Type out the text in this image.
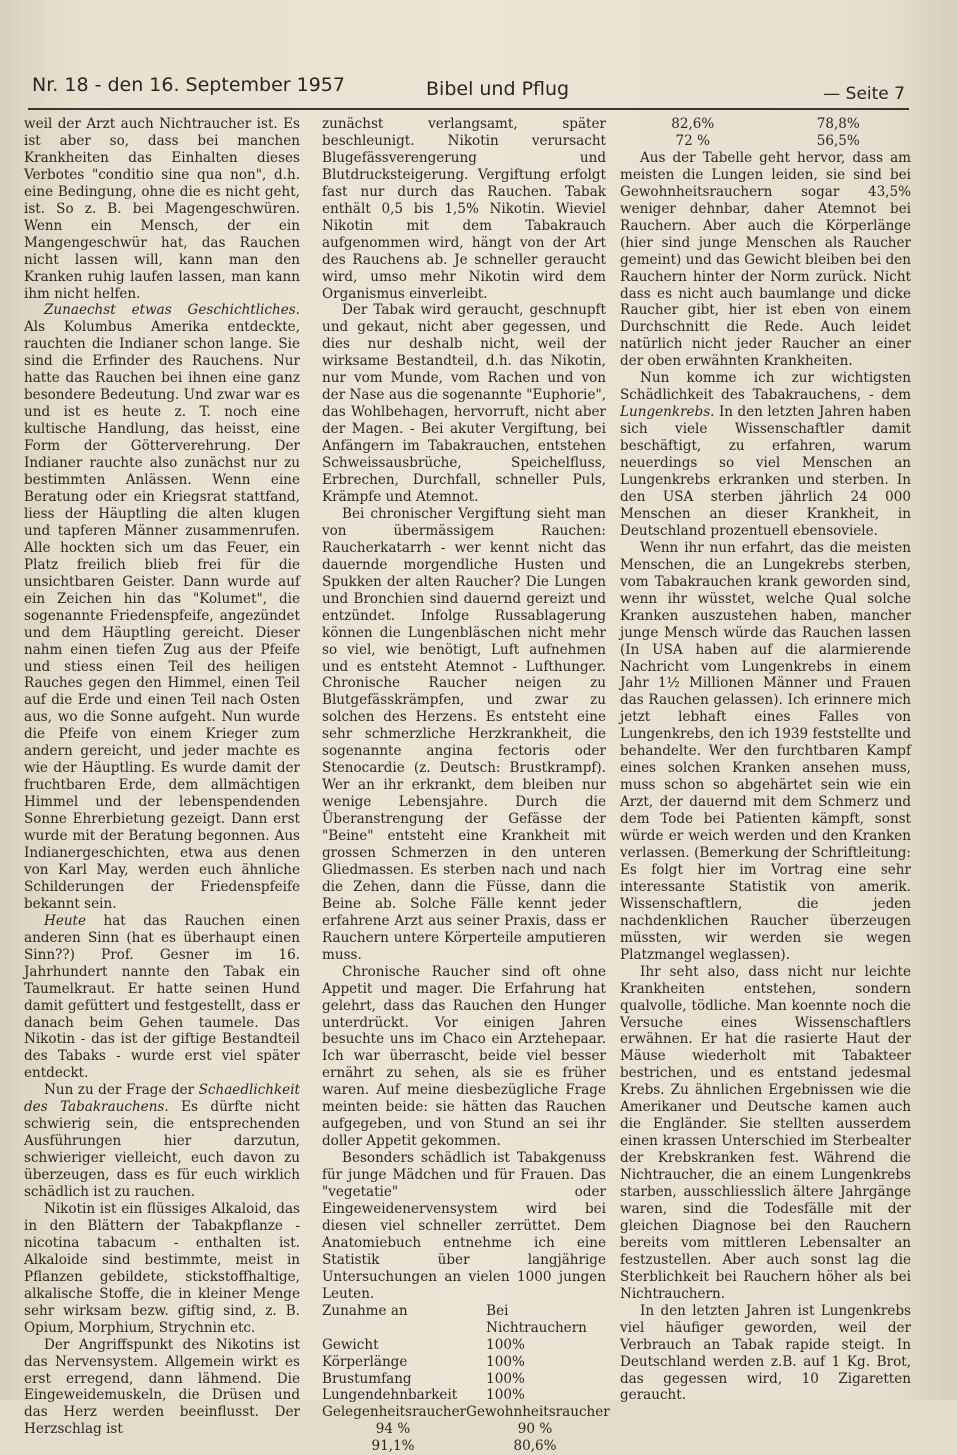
Nr. 18 - den 16. September 1957	Bibel und Pflug	— Seite 7

weil der Arzt auch Nichtraucher ist. Es ist aber so, dass bei manchen Krankheiten das Einhalten dieses Verbotes "conditio sine qua non", d.h. eine Bedingung, ohne die es nicht geht, ist. So z. B. bei Magengeschwüren. Wenn ein Mensch, der ein Mangengeschwür hat, das Rauchen nicht lassen will, kann man den Kranken ruhig laufen lassen, man kann ihm nicht helfen.

Zunaechst etwas Geschichtliches. Als Kolumbus Amerika entdeckte, rauchten die Indianer schon lange. Sie sind die Erfinder des Rauchens. Nur hatte das Rauchen bei ihnen eine ganz besondere Bedeutung. Und zwar war es und ist es heute z. T. noch eine kultische Handlung, das heisst, eine Form der Götterverehrung. Der Indianer rauchte also zunächst nur zu bestimmten Anlässen. Wenn eine Beratung oder ein Kriegsrat stattfand, liess der Häuptling die alten klugen und tapferen Männer zusammenrufen. Alle hockten sich um das Feuer, ein Platz freilich blieb frei für die unsichtbaren Geister. Dann wurde auf ein Zeichen hin das "Kolumet", die sogenannte Friedenspfeife, angezündet und dem Häuptling gereicht. Dieser nahm einen tiefen Zug aus der Pfeife und stiess einen Teil des heiligen Rauches gegen den Himmel, einen Teil auf die Erde und einen Teil nach Osten aus, wo die Sonne aufgeht. Nun wurde die Pfeife von einem Krieger zum andern gereicht, und jeder machte es wie der Häuptling. Es wurde damit der fruchtbaren Erde, dem allmächtigen Himmel und der lebenspendenden Sonne Ehrerbietung gezeigt. Dann erst wurde mit der Beratung begonnen. Aus Indianergeschichten, etwa aus denen von Karl May, werden euch ähnliche Schilderungen der Friedenspfeife bekannt sein.

Heute hat das Rauchen einen anderen Sinn (hat es überhaupt einen Sinn??) Prof. Gesner im 16. Jahrhundert nannte den Tabak ein Taumelkraut. Er hatte seinen Hund damit gefüttert und festgestellt, dass er danach beim Gehen taumele. Das Nikotin - das ist der giftige Bestandteil des Tabaks - wurde erst viel später entdeckt.

Nun zu der Frage der Schaedlichkeit des Tabakrauchens. Es dürfte nicht schwierig sein, die entsprechenden Ausführungen hier darzutun, schwieriger vielleicht, euch davon zu überzeugen, dass es für euch wirklich schädlich ist zu rauchen.

Nikotin ist ein flüssiges Alkaloid, das in den Blättern der Tabakpflanze - nicotina tabacum - enthalten ist. Alkaloide sind bestimmte, meist in Pflanzen gebildete, stickstoffhaltige, alkalische Stoffe, die in kleiner Menge sehr wirksam bezw. giftig sind, z. B. Opium, Morphium, Strychnin etc.

Der Angriffspunkt des Nikotins ist das Nervensystem. Allgemein wirkt es erst erregend, dann lähmend. Die Eingeweidemuskeln, die Drüsen und das Herz werden beeinflusst. Der Herzschlag ist

zunächst verlangsamt, später beschleunigt. Nikotin verursacht Blugefässverengerung und Blutdrucksteigerung. Vergiftung erfolgt fast nur durch das Rauchen. Tabak enthält 0,5 bis 1,5% Nikotin. Wieviel Nikotin mit dem Tabakrauch aufgenommen wird, hängt von der Art des Rauchens ab. Je schneller geraucht wird, umso mehr Nikotin wird dem Organismus einverleibt.

Der Tabak wird geraucht, geschnupft und gekaut, nicht aber gegessen, und dies nur deshalb nicht, weil der wirksame Bestandteil, d.h. das Nikotin, nur vom Munde, vom Rachen und von der Nase aus die sogenannte "Euphorie", das Wohlbehagen, hervorruft, nicht aber der Magen. - Bei akuter Vergiftung, bei Anfängern im Tabakrauchen, entstehen Schweissausbrüche, Speichelfluss, Erbrechen, Durchfall, schneller Puls, Krämpfe und Atemnot.

Bei chronischer Vergiftung sieht man von übermässigem Rauchen: Raucherkatarrh - wer kennt nicht das dauernde morgendliche Husten und Spukken der alten Raucher? Die Lungen und Bronchien sind dauernd gereizt und entzündet. Infolge Russablagerung können die Lungenbläschen nicht mehr so viel, wie benötigt, Luft aufnehmen und es entsteht Atemnot - Lufthunger. Chronische Raucher neigen zu Blutgefässkrämpfen, und zwar zu solchen des Herzens. Es entsteht eine sehr schmerzliche Herzkrankheit, die sogenannte angina fectoris oder Stenocardie (z. Deutsch: Brustkrampf). Wer an ihr erkrankt, dem bleiben nur wenige Lebensjahre. Durch die Überanstrengung der Gefässe der "Beine" entsteht eine Krankheit mit grossen Schmerzen in den unteren Gliedmassen. Es sterben nach und nach die Zehen, dann die Füsse, dann die Beine ab. Solche Fälle kennt jeder erfahrene Arzt aus seiner Praxis, dass er Rauchern untere Körperteile amputieren muss.

Chronische Raucher sind oft ohne Appetit und mager. Die Erfahrung hat gelehrt, dass das Rauchen den Hunger unterdrückt. Vor einigen Jahren besuchte uns im Chaco ein Arztehepaar. Ich war überrascht, beide viel besser ernährt zu sehen, als sie es früher waren. Auf meine diesbezügliche Frage meinten beide: sie hätten das Rauchen aufgegeben, und von Stund an sei ihr doller Appetit gekommen.

Besonders schädlich ist Tabakgenuss für junge Mädchen und für Frauen. Das "vegetatie" oder Eingeweidenervensystem wird bei diesen viel schneller zerrüttet. Dem Anatomiebuch entnehme ich eine Statistik über langjährige Untersuchungen an vielen 1000 jungen Leuten.

Zunahme an	Bei Nichtrauchern
Gewicht	100%
Körperlänge	100%
Brustumfang	100%
Lungendehnbarkeit	100%
Gelegenheitsraucher	Gewohnheitsraucher
94 %	90 %
91,1%	80,6%
82,6%	78,8%
72 %	56,5%

Aus der Tabelle geht hervor, dass am meisten die Lungen leiden, sie sind bei Gewohnheitsrauchern sogar 43,5% weniger dehnbar, daher Atemnot bei Rauchern. Aber auch die Körperlänge (hier sind junge Menschen als Raucher gemeint) und das Gewicht bleiben bei den Rauchern hinter der Norm zurück. Nicht dass es nicht auch baumlange und dicke Raucher gibt, hier ist eben von einem Durchschnitt die Rede. Auch leidet natürlich nicht jeder Raucher an einer der oben erwähnten Krankheiten.

Nun komme ich zur wichtigsten Schädlichkeit des Tabakrauchens, - dem Lungenkrebs. In den letzten Jahren haben sich viele Wissenschaftler damit beschäftigt, zu erfahren, warum neuerdings so viel Menschen an Lungenkrebs erkranken und sterben. In den USA sterben jährlich 24 000 Menschen an dieser Krankheit, in Deutschland prozentuell ebensoviele.

Wenn ihr nun erfahrt, das die meisten Menschen, die an Lungekrebs sterben, vom Tabakrauchen krank geworden sind, wenn ihr wüsstet, welche Qual solche Kranken auszustehen haben, mancher junge Mensch würde das Rauchen lassen (In USA haben auf die alarmierende Nachricht vom Lungenkrebs in einem Jahr 1½ Millionen Männer und Frauen das Rauchen gelassen). Ich erinnere mich jetzt lebhaft eines Falles von Lungenkrebs, den ich 1939 feststellte und behandelte. Wer den furchtbaren Kampf eines solchen Kranken ansehen muss, muss schon so abgehärtet sein wie ein Arzt, der dauernd mit dem Schmerz und dem Tode bei Patienten kämpft, sonst würde er weich werden und den Kranken verlassen. (Bemerkung der Schriftleitung: Es folgt hier im Vortrag eine sehr interessante Statistik von amerik. Wissenschaftlern, die jeden nachdenklichen Raucher überzeugen müssten, wir werden sie wegen Platzmangel weglassen).

Ihr seht also, dass nicht nur leichte Krankheiten entstehen, sondern qualvolle, tödliche. Man koennte noch die Versuche eines Wissenschaftlers erwähnen. Er hat die rasierte Haut der Mäuse wiederholt mit Tabakteer bestrichen, und es entstand jedesmal Krebs. Zu ähnlichen Ergebnissen wie die Amerikaner und Deutsche kamen auch die Engländer. Sie stellten ausserdem einen krassen Unterschied im Sterbealter der Krebskranken fest. Während die Nichtraucher, die an einem Lungenkrebs starben, ausschliesslich ältere Jahrgänge waren, sind die Todesfälle mit der gleichen Diagnose bei den Rauchern bereits vom mittleren Lebensalter an festzustellen. Aber auch sonst lag die Sterblichkeit bei Rauchern höher als bei Nichtrauchern.

In den letzten Jahren ist Lungenkrebs viel häufiger geworden, weil der Verbrauch an Tabak rapide steigt. In Deutschland werden z.B. auf 1 Kg. Brot, das gegessen wird, 10 Zigaretten geraucht.
